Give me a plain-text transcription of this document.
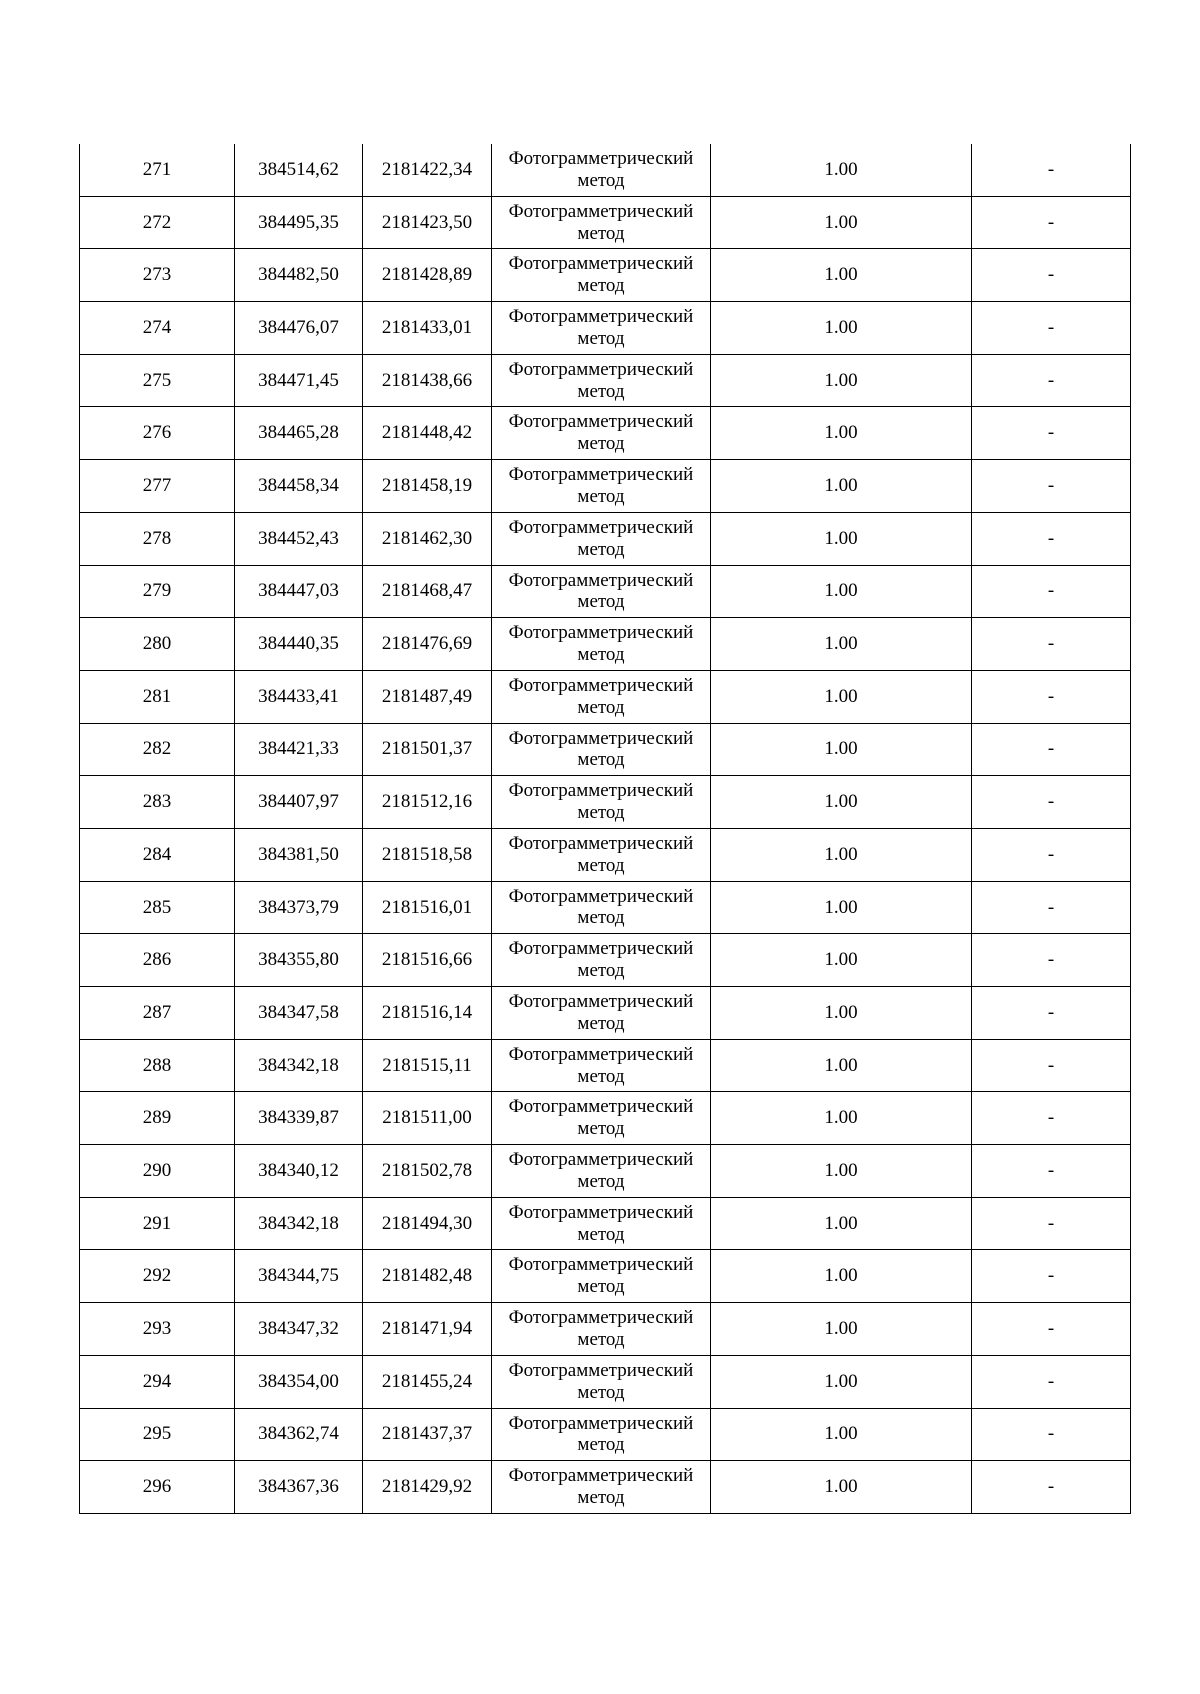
271	384514,62	2181422,34	Фотограмметрический
метод	1.00	-
272	384495,35	2181423,50	Фотограмметрический
метод	1.00	-
273	384482,50	2181428,89	Фотограмметрический
метод	1.00	-
274	384476,07	2181433,01	Фотограмметрический
метод	1.00	-
275	384471,45	2181438,66	Фотограмметрический
метод	1.00	-
276	384465,28	2181448,42	Фотограмметрический
метод	1.00	-
277	384458,34	2181458,19	Фотограмметрический
метод	1.00	-
278	384452,43	2181462,30	Фотограмметрический
метод	1.00	-
279	384447,03	2181468,47	Фотограмметрический
метод	1.00	-
280	384440,35	2181476,69	Фотограмметрический
метод	1.00	-
281	384433,41	2181487,49	Фотограмметрический
метод	1.00	-
282	384421,33	2181501,37	Фотограмметрический
метод	1.00	-
283	384407,97	2181512,16	Фотограмметрический
метод	1.00	-
284	384381,50	2181518,58	Фотограмметрический
метод	1.00	-
285	384373,79	2181516,01	Фотограмметрический
метод	1.00	-
286	384355,80	2181516,66	Фотограмметрический
метод	1.00	-
287	384347,58	2181516,14	Фотограмметрический
метод	1.00	-
288	384342,18	2181515,11	Фотограмметрический
метод	1.00	-
289	384339,87	2181511,00	Фотограмметрический
метод	1.00	-
290	384340,12	2181502,78	Фотограмметрический
метод	1.00	-
291	384342,18	2181494,30	Фотограмметрический
метод	1.00	-
292	384344,75	2181482,48	Фотограмметрический
метод	1.00	-
293	384347,32	2181471,94	Фотограмметрический
метод	1.00	-
294	384354,00	2181455,24	Фотограмметрический
метод	1.00	-
295	384362,74	2181437,37	Фотограмметрический
метод	1.00	-
296	384367,36	2181429,92	Фотограмметрический
метод	1.00	-
